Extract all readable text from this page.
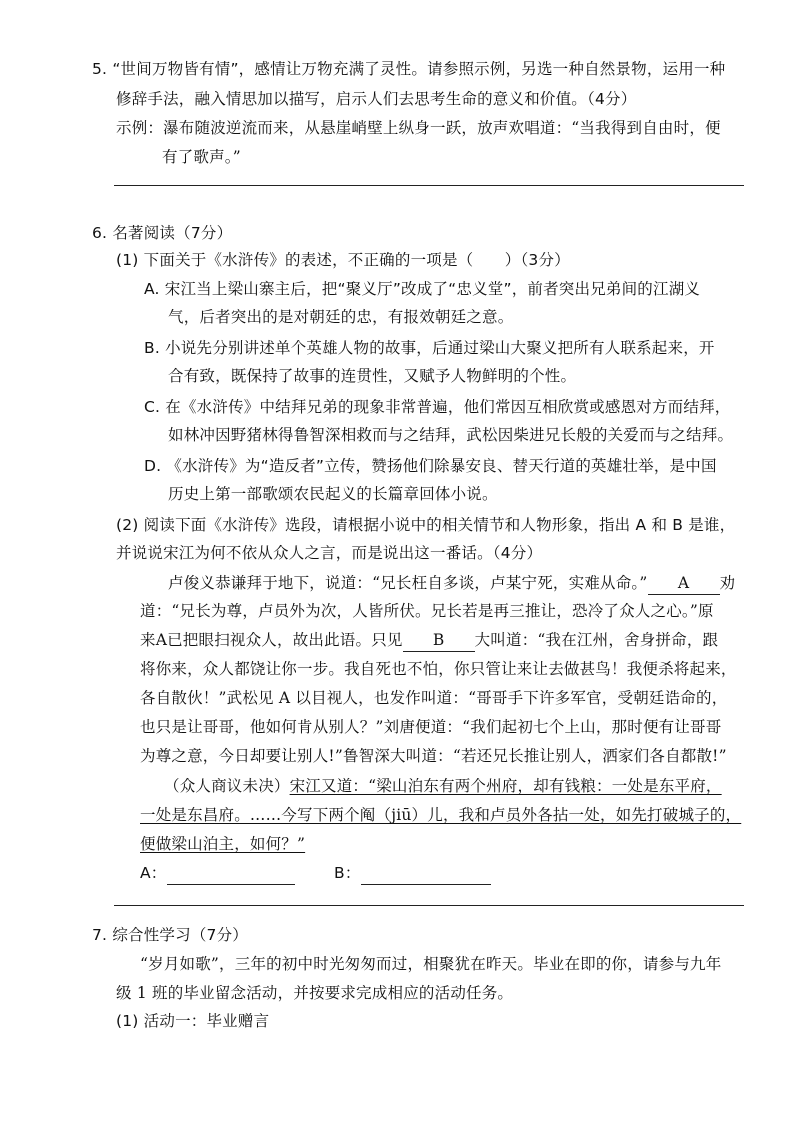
5. “世间万物皆有情”，感情让万物充满了灵性。请参照示例，另选一种自然景物，运用一种
修辞手法，融入情思加以描写，启示人们去思考生命的意义和价值。（4分）
示例：瀑布随波逆流而来，从悬崖峭壁上纵身一跃，放声欢唱道：“当我得到自由时，便
有了歌声。”
6. 名著阅读（7分）
(1) 下面关于《水浒传》的表述，不正确的一项是（　　）（3分）
A. 宋江当上梁山寨主后，把“聚义厅”改成了“忠义堂”，前者突出兄弟间的江湖义
气，后者突出的是对朝廷的忠，有报效朝廷之意。
B. 小说先分别讲述单个英雄人物的故事，后通过梁山大聚义把所有人联系起来，开
合有致，既保持了故事的连贯性，又赋予人物鲜明的个性。
C. 在《水浒传》中结拜兄弟的现象非常普遍，他们常因互相欣赏或感恩对方而结拜，
如林冲因野猪林得鲁智深相救而与之结拜，武松因柴进兄长般的关爱而与之结拜。
D. 《水浒传》为“造反者”立传，赞扬他们除暴安良、替天行道的英雄壮举，是中国
历史上第一部歌颂农民起义的长篇章回体小说。
(2) 阅读下面《水浒传》选段，请根据小说中的相关情节和人物形象，指出 A 和 B 是谁，
并说说宋江为何不依从众人之言，而是说出这一番话。（4分）
卢俊义恭谦拜于地下，说道：“兄长枉自多谈，卢某宁死，实难从命。” A 劝
道：“兄长为尊，卢员外为次，人皆所伏。兄长若是再三推让，恐冷了众人之心。”原
来A已把眼扫视众人，故出此语。只见 B 大叫道：“我在江州，舍身拼命，跟
将你来，众人都饶让你一步。我自死也不怕，你只管让来让去做甚鸟！我便杀将起来，
各自散伙！”武松见 A 以目视人，也发作叫道：“哥哥手下许多军官，受朝廷诰命的，
也只是让哥哥，他如何肯从别人？”刘唐便道：“我们起初七个上山，那时便有让哥哥
为尊之意，今日却要让别人!”鲁智深大叫道：“若还兄长推让别人，洒家们各自都散!”
（众人商议未决）宋江又道：“梁山泊东有两个州府，却有钱粮：一处是东平府，
一处是东昌府。……今写下两个阄（jiū）儿，我和卢员外各拈一处，如先打破城子的，
便做梁山泊主，如何？”
A：	B：
7. 综合性学习（7分）
“岁月如歌”，三年的初中时光匆匆而过，相聚犹在昨天。毕业在即的你，请参与九年
级 1 班的毕业留念活动，并按要求完成相应的活动任务。
(1) 活动一：毕业赠言
